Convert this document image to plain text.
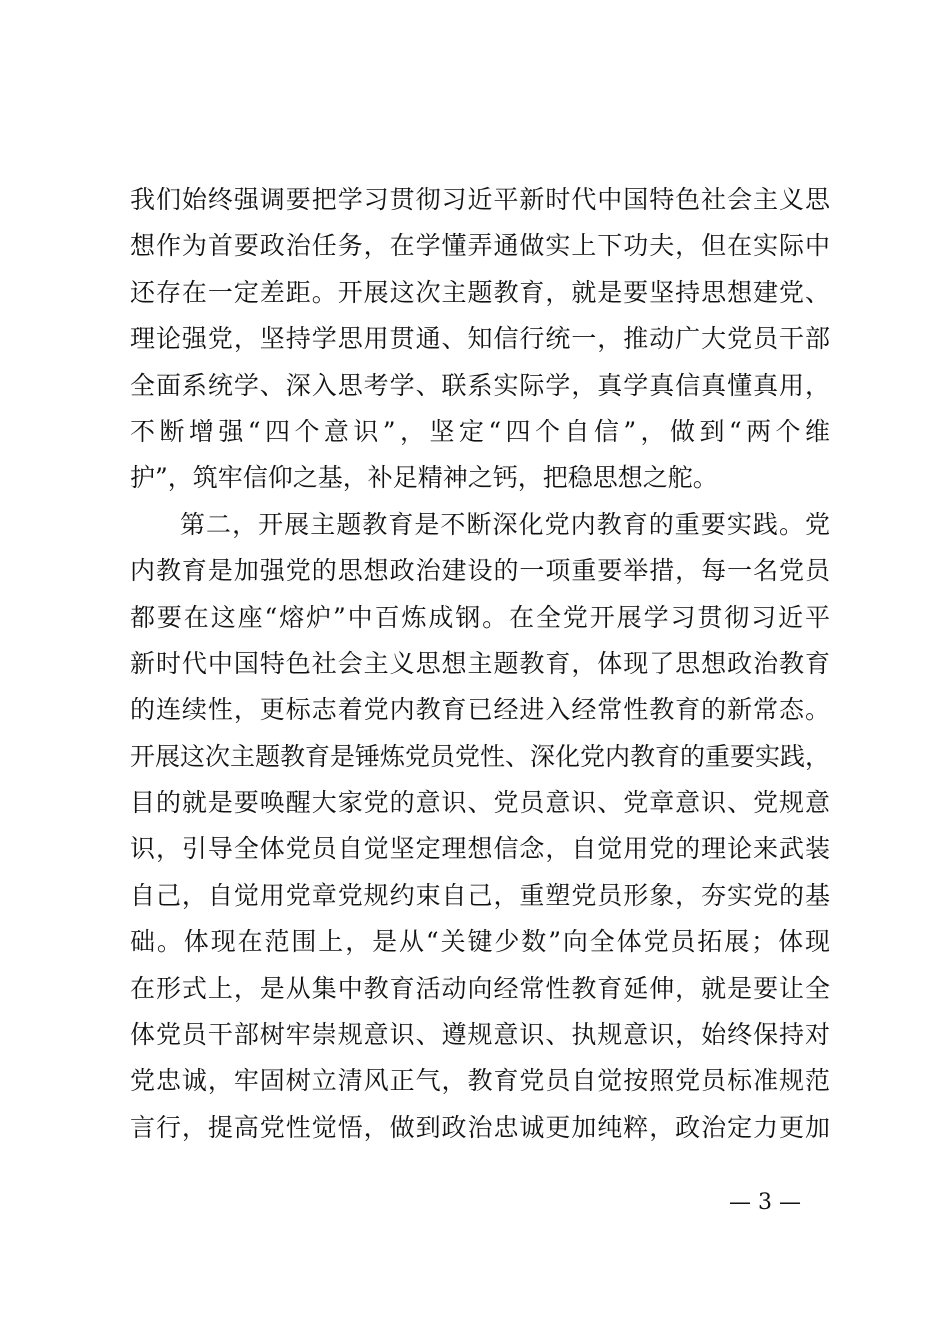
我们始终强调要把学习贯彻习近平新时代中国特色社会主义思
想作为首要政治任务，在学懂弄通做实上下功夫，但在实际中
还存在一定差距。开展这次主题教育，就是要坚持思想建党、
理论强党，坚持学思用贯通、知信行统一，推动广大党员干部
全面系统学、深入思考学、联系实际学，真学真信真懂真用，
不断增强“四个意识”，坚定“四个自信”，做到“两个维
护”，筑牢信仰之基，补足精神之钙，把稳思想之舵。
第二，开展主题教育是不断深化党内教育的重要实践。党
内教育是加强党的思想政治建设的一项重要举措，每一名党员
都要在这座“熔炉”中百炼成钢。在全党开展学习贯彻习近平
新时代中国特色社会主义思想主题教育，体现了思想政治教育
的连续性，更标志着党内教育已经进入经常性教育的新常态。
开展这次主题教育是锤炼党员党性、深化党内教育的重要实践，
目的就是要唤醒大家党的意识、党员意识、党章意识、党规意
识，引导全体党员自觉坚定理想信念，自觉用党的理论来武装
自己，自觉用党章党规约束自己，重塑党员形象，夯实党的基
础。体现在范围上，是从“关键少数”向全体党员拓展；体现
在形式上，是从集中教育活动向经常性教育延伸，就是要让全
体党员干部树牢崇规意识、遵规意识、执规意识，始终保持对
党忠诚，牢固树立清风正气，教育党员自觉按照党员标准规范
言行，提高党性觉悟，做到政治忠诚更加纯粹，政治定力更加
— 3 —
